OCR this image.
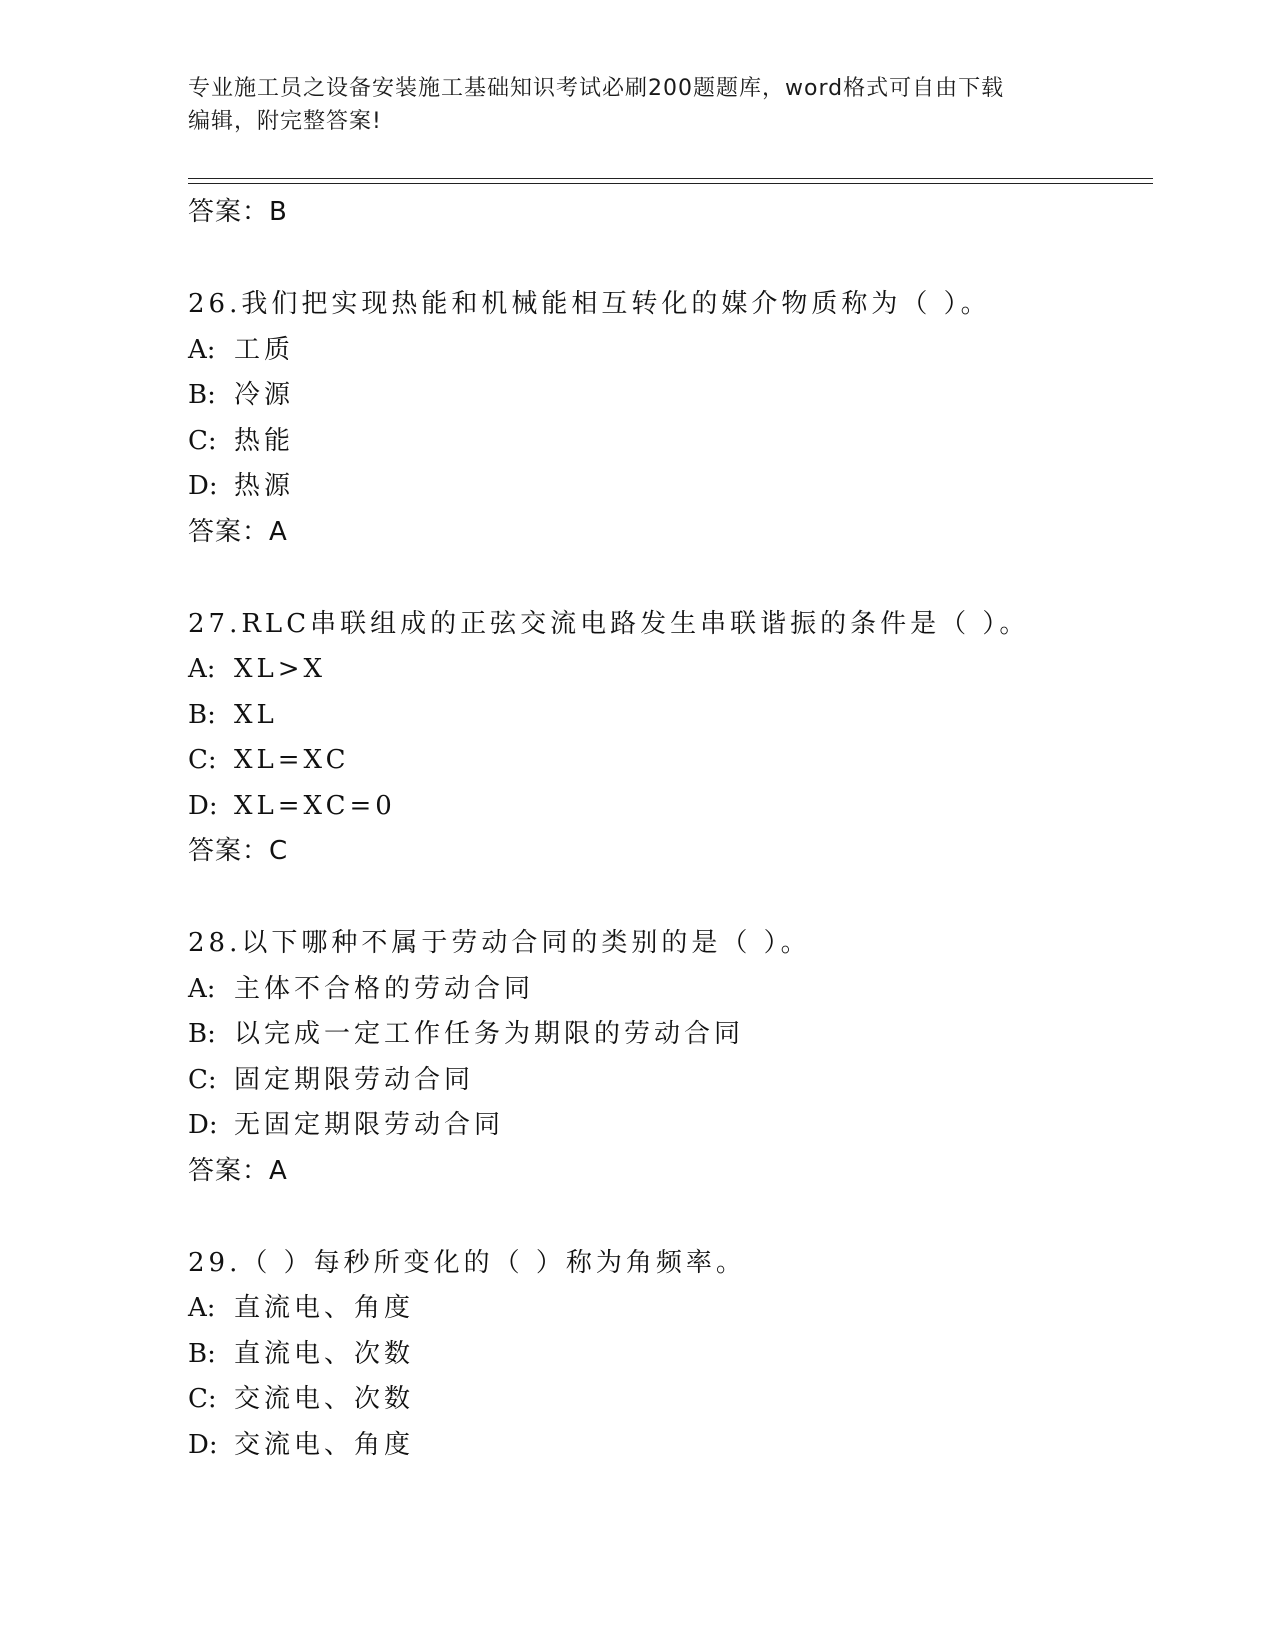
专业施工员之设备安装施工基础知识考试必刷200题题库，word格式可自由下载
编辑，附完整答案!
答案：B
26.我们把实现热能和机械能相互转化的媒介物质称为（ ）。
A: 工质
B: 冷源
C: 热能
D: 热源
答案：A
27.RLC串联组成的正弦交流电路发生串联谐振的条件是（ ）。
A: XL>X
B: XL
C: XL=XC
D: XL=XC=0
答案：C
28.以下哪种不属于劳动合同的类别的是（ ）。
A: 主体不合格的劳动合同
B: 以完成一定工作任务为期限的劳动合同
C: 固定期限劳动合同
D: 无固定期限劳动合同
答案：A
29.（ ）每秒所变化的（ ）称为角频率。
A: 直流电、角度
B: 直流电、次数
C: 交流电、次数
D: 交流电、角度
